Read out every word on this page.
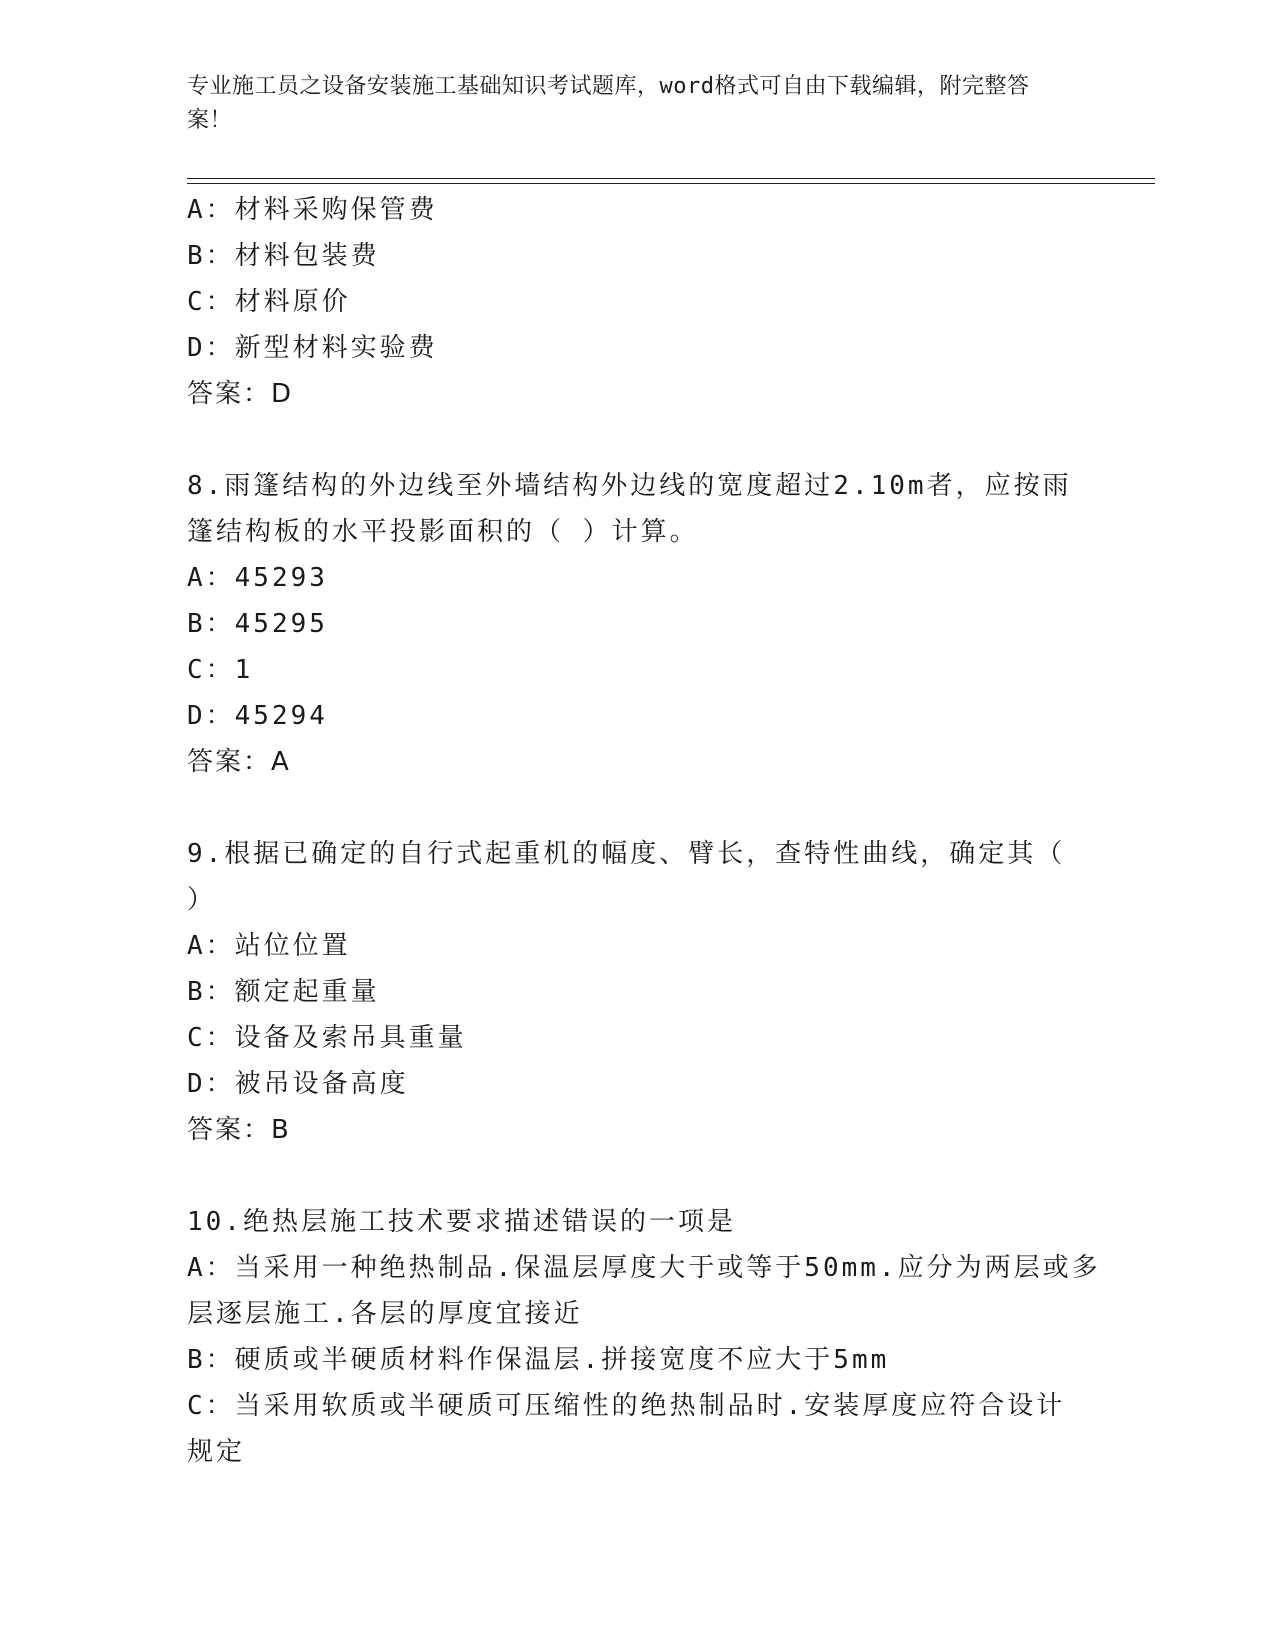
专业施工员之设备安装施工基础知识考试题库，word格式可自由下载编辑，附完整答案！

A：材料采购保管费
B：材料包装费
C：材料原价
D：新型材料实验费
答案：D
8.雨篷结构的外边线至外墙结构外边线的宽度超过2.10m者，应按雨
篷结构板的水平投影面积的（ ）计算。
A：45293
B：45295
C：1
D：45294
答案：A
9.根据已确定的自行式起重机的幅度、臂长，查特性曲线，确定其（
）
A：站位位置
B：额定起重量
C：设备及索吊具重量
D：被吊设备高度
答案：B
10.绝热层施工技术要求描述错误的一项是
A：当采用一种绝热制品.保温层厚度大于或等于50mm.应分为两层或多
层逐层施工.各层的厚度宜接近
B：硬质或半硬质材料作保温层.拼接宽度不应大于5mm
C：当采用软质或半硬质可压缩性的绝热制品时.安装厚度应符合设计
规定
